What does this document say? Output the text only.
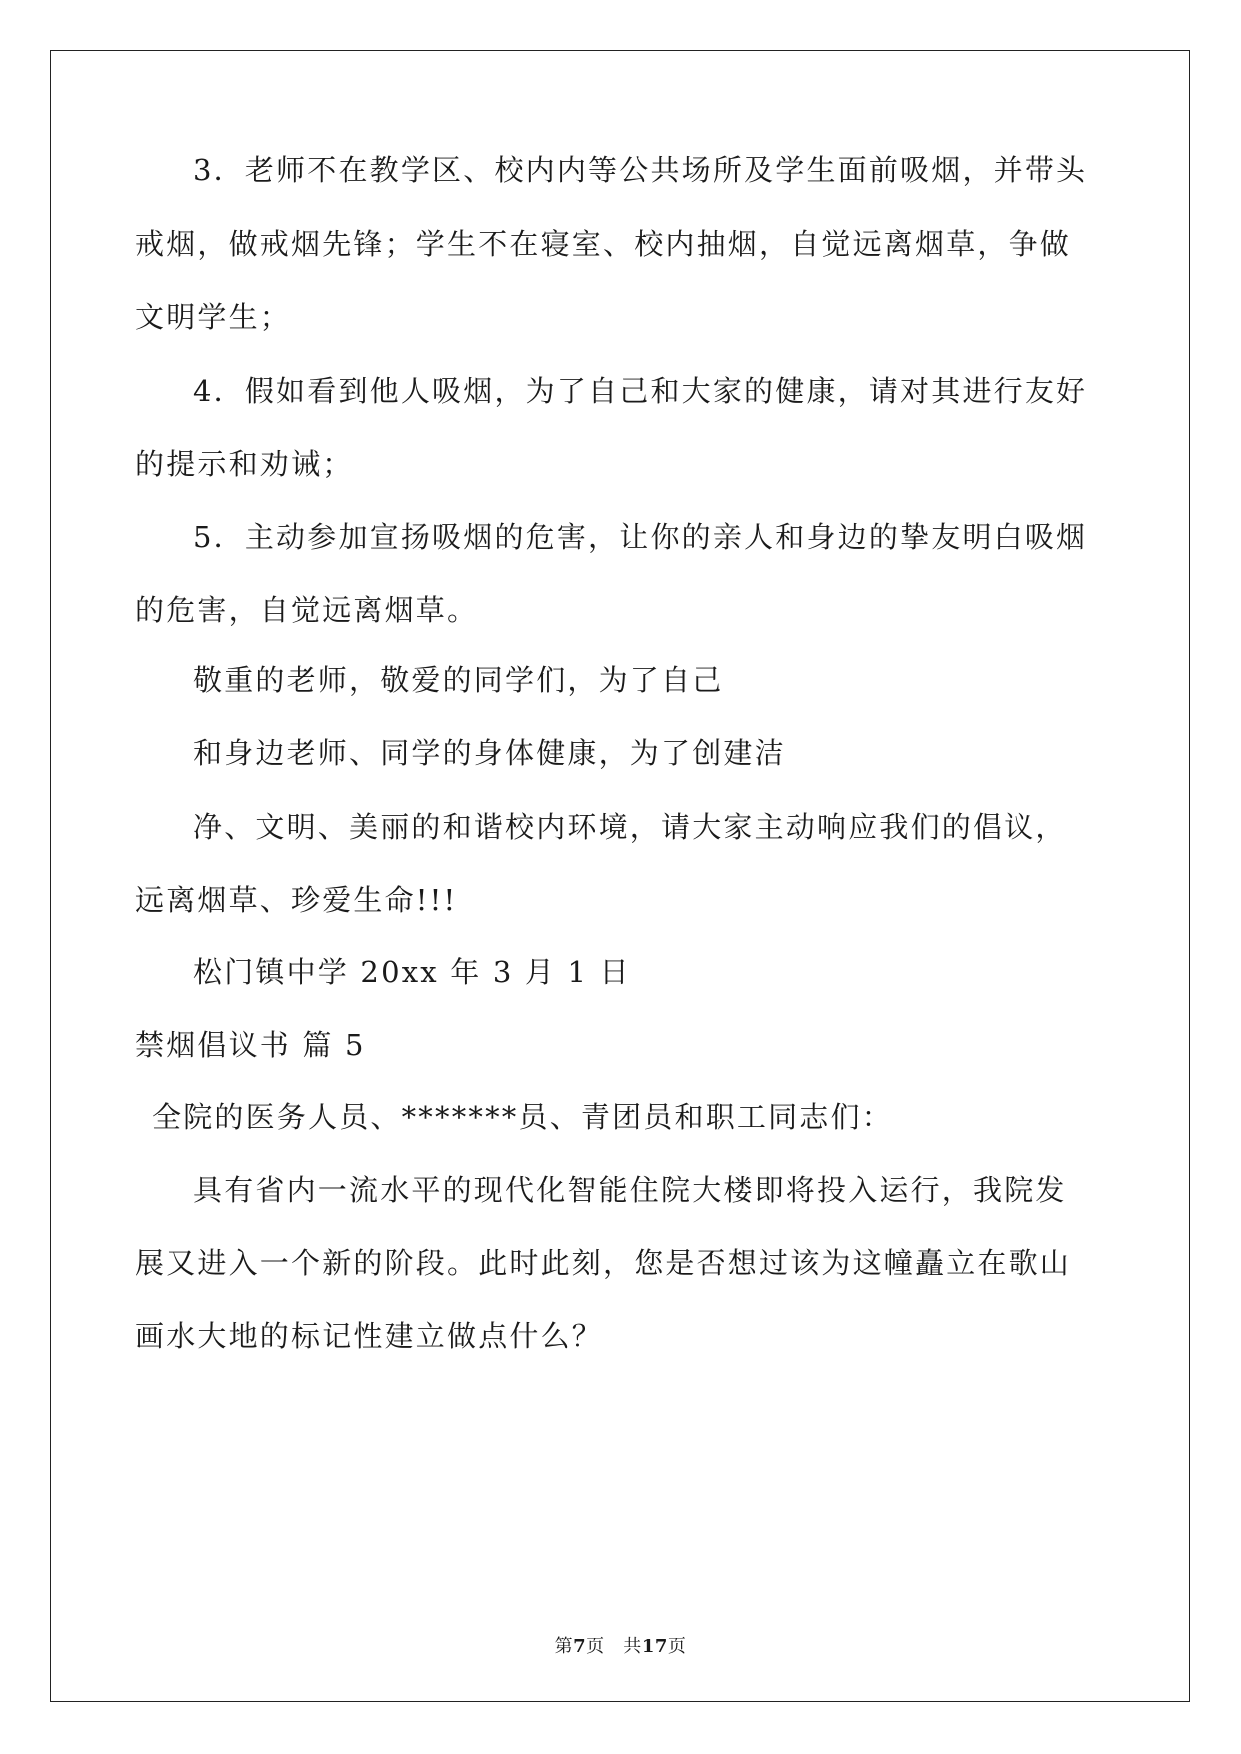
3．老师不在教学区、校内内等公共场所及学生面前吸烟，并带头
戒烟，做戒烟先锋；学生不在寝室、校内抽烟，自觉远离烟草，争做
文明学生；
4．假如看到他人吸烟，为了自己和大家的健康，请对其进行友好
的提示和劝诫；
5．主动参加宣扬吸烟的危害，让你的亲人和身边的挚友明白吸烟
的危害，自觉远离烟草。
敬重的老师，敬爱的同学们，为了自己
和身边老师、同学的身体健康，为了创建洁
净、文明、美丽的和谐校内环境，请大家主动响应我们的倡议，
远离烟草、珍爱生命!!!
松门镇中学 20xx 年 3 月 1 日
禁烟倡议书 篇 5
全院的医务人员、*******员、青团员和职工同志们：
具有省内一流水平的现代化智能住院大楼即将投入运行，我院发
展又进入一个新的阶段。此时此刻，您是否想过该为这幢矗立在歌山
画水大地的标记性建立做点什么？
第7页   共17页
